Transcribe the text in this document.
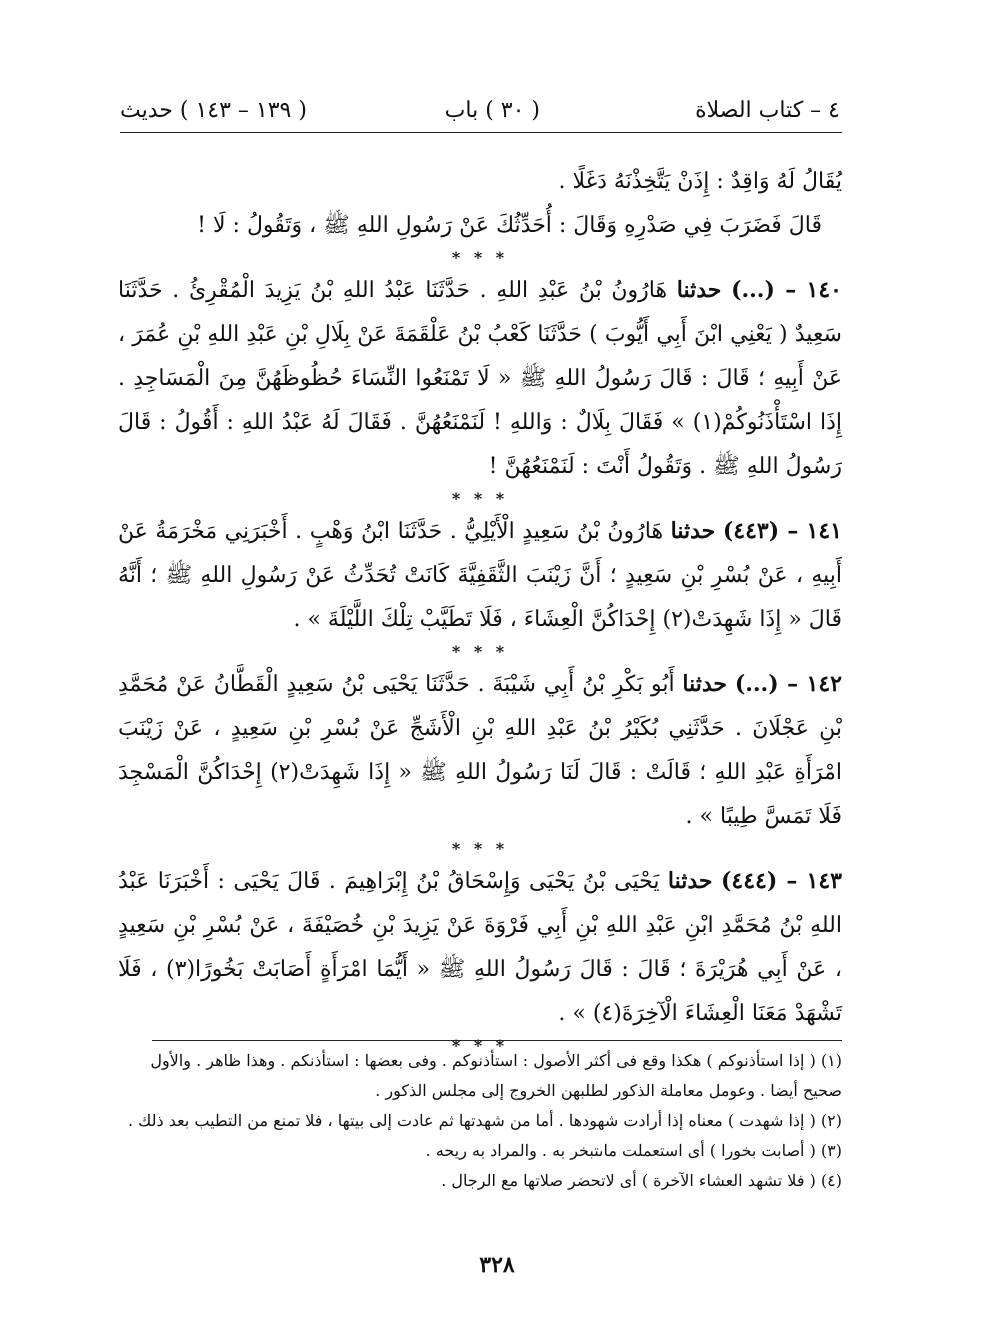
٤ – كتاب الصلاة
( ٣٠ ) باب
( ١٣٩ – ١٤٣ ) حديث

يُقَالُ لَهُ وَاقِدٌ : إِذَنْ يَتَّخِذْنَهُ دَغَلًا .

قَالَ فَضَرَبَ فِي صَدْرِهِ وَقَالَ : أُحَدِّثُكَ عَنْ رَسُولِ اللهِ ﷺ ، وَتَقُولُ : لَا !

* * *

١٤٠ – (...) حدثنا هَارُونُ بْنُ عَبْدِ اللهِ . حَدَّثَنَا عَبْدُ اللهِ بْنُ يَزِيدَ الْمُقْرِئُ . حَدَّثَنَا سَعِيدٌ ( يَعْنِي ابْنَ أَبِي أَيُّوبَ ) حَدَّثَنَا كَعْبُ بْنُ عَلْقَمَةَ عَنْ بِلَالِ بْنِ عَبْدِ اللهِ بْنِ عُمَرَ ، عَنْ أَبِيهِ ؛ قَالَ : قَالَ رَسُولُ اللهِ ﷺ « لَا تَمْنَعُوا النِّسَاءَ حُظُوظَهُنَّ مِنَ الْمَسَاجِدِ . إِذَا اسْتَأْذَنُوكُمْ(١) » فَقَالَ بِلَالٌ : وَاللهِ ! لَنَمْنَعُهُنَّ . فَقَالَ لَهُ عَبْدُ اللهِ : أَقُولُ : قَالَ رَسُولُ اللهِ ﷺ . وَتَقُولُ أَنْتَ : لَنَمْنَعُهُنَّ !

* * *

١٤١ – (٤٤٣) حدثنا هَارُونُ بْنُ سَعِيدٍ الْأَيْلِيُّ . حَدَّثَنَا ابْنُ وَهْبٍ . أَخْبَرَنِي مَخْرَمَةُ عَنْ أَبِيهِ ، عَنْ بُسْرِ بْنِ سَعِيدٍ ؛ أَنَّ زَيْنَبَ الثَّقَفِيَّةَ كَانَتْ تُحَدِّثُ عَنْ رَسُولِ اللهِ ﷺ ؛ أَنَّهُ قَالَ « إِذَا شَهِدَتْ(٢) إِحْدَاكُنَّ الْعِشَاءَ ، فَلَا تَطَيَّبْ تِلْكَ اللَّيْلَةَ » .

* * *

١٤٢ – (...) حدثنا أَبُو بَكْرِ بْنُ أَبِي شَيْبَةَ . حَدَّثَنَا يَحْيَى بْنُ سَعِيدٍ الْقَطَّانُ عَنْ مُحَمَّدِ بْنِ عَجْلَانَ . حَدَّثَنِي بُكَيْرُ بْنُ عَبْدِ اللهِ بْنِ الْأَشَجِّ عَنْ بُسْرِ بْنِ سَعِيدٍ ، عَنْ زَيْنَبَ امْرَأَةِ عَبْدِ اللهِ ؛ قَالَتْ : قَالَ لَنَا رَسُولُ اللهِ ﷺ « إِذَا شَهِدَتْ(٢) إِحْدَاكُنَّ الْمَسْجِدَ فَلَا تَمَسَّ طِيبًا » .

* * *

١٤٣ – (٤٤٤) حدثنا يَحْيَى بْنُ يَحْيَى وَإِسْحَاقُ بْنُ إِبْرَاهِيمَ . قَالَ يَحْيَى : أَخْبَرَنَا عَبْدُ اللهِ بْنُ مُحَمَّدِ ابْنِ عَبْدِ اللهِ بْنِ أَبِي فَرْوَةَ عَنْ يَزِيدَ بْنِ خُصَيْفَةَ ، عَنْ بُسْرِ بْنِ سَعِيدٍ ، عَنْ أَبِي هُرَيْرَةَ ؛ قَالَ : قَالَ رَسُولُ اللهِ ﷺ « أَيُّمَا امْرَأَةٍ أَصَابَتْ بَخُورًا(٣) ، فَلَا تَشْهَدْ مَعَنَا الْعِشَاءَ الْآخِرَةَ(٤) » .

* * *

(١) ( إذا استأذنوكم ) هكذا وقع فى أكثر الأصول : استأذنوكم . وفى بعضها : استأذنكم . وهذا ظاهر . والأول صحيح أيضا . وعومل معاملة الذكور لطلبهن الخروج إلى مجلس الذكور .

(٢) ( إذا شهدت ) معناه إذا أرادت شهودها . أما من شهدتها ثم عادت إلى بيتها ، فلا تمنع من التطيب بعد ذلك .

(٣) ( أصابت بخورا ) أى استعملت ماىتبخر به . والمراد به ريحه .

(٤) ( فلا تشهد العشاء الآخرة ) أى لاتحضر صلاتها مع الرجال .

٣٢٨
